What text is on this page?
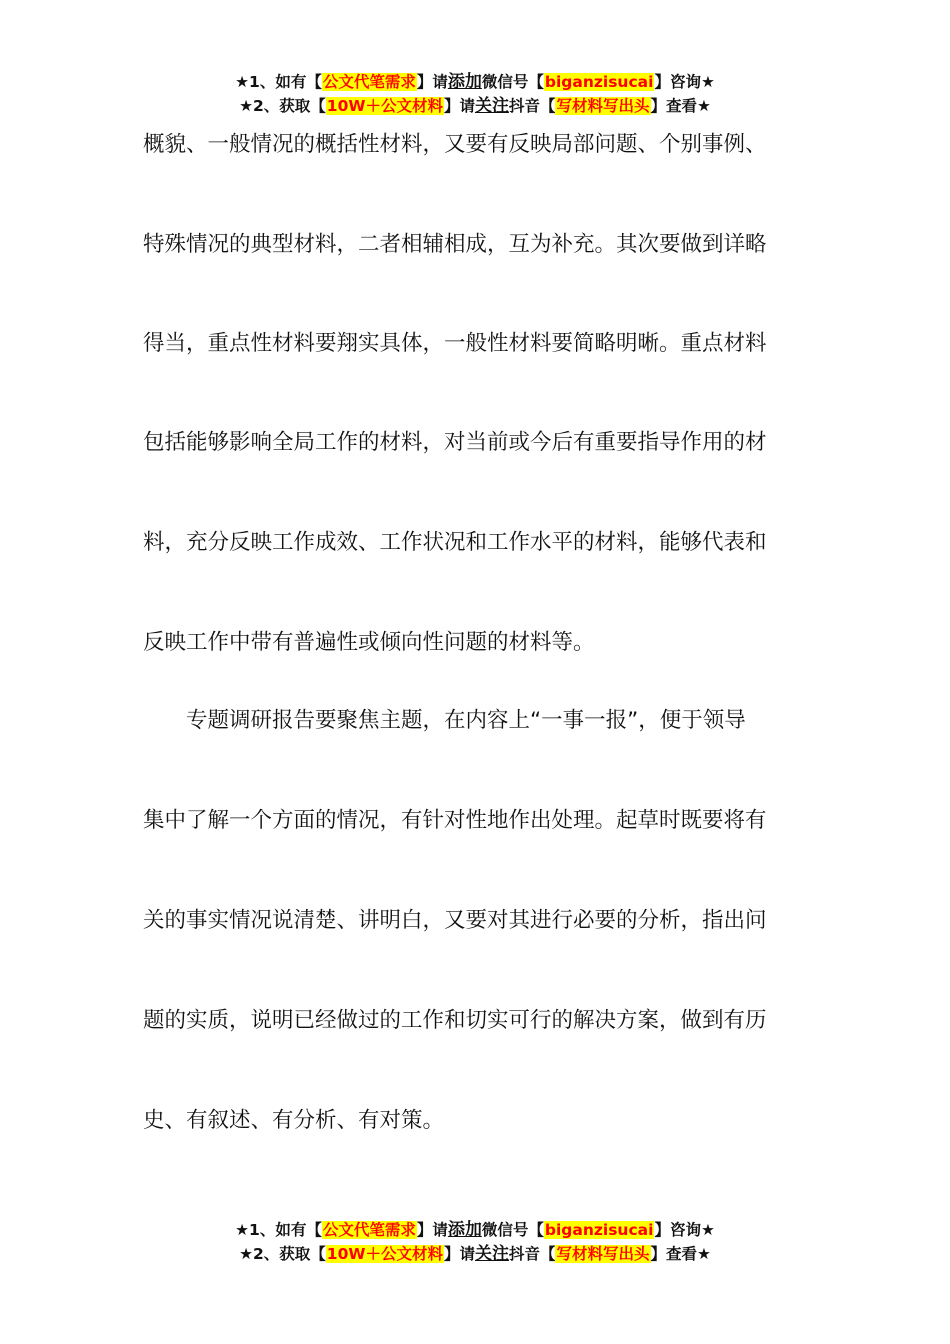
★1、如有【公文代笔需求】请添加微信号【biganzisucai】咨询★
★2、获取【10W＋公文材料】请关注抖音【写材料写出头】查看★
概貌、一般情况的概括性材料，又要有反映局部问题、个别事例、
特殊情况的典型材料，二者相辅相成，互为补充。其次要做到详略
得当，重点性材料要翔实具体，一般性材料要简略明晰。重点材料
包括能够影响全局工作的材料，对当前或今后有重要指导作用的材
料，充分反映工作成效、工作状况和工作水平的材料，能够代表和
反映工作中带有普遍性或倾向性问题的材料等。
　　专题调研报告要聚焦主题，在内容上“一事一报”，便于领导
集中了解一个方面的情况，有针对性地作出处理。起草时既要将有
关的事实情况说清楚、讲明白，又要对其进行必要的分析，指出问
题的实质，说明已经做过的工作和切实可行的解决方案，做到有历
史、有叙述、有分析、有对策。
★1、如有【公文代笔需求】请添加微信号【biganzisucai】咨询★
★2、获取【10W＋公文材料】请关注抖音【写材料写出头】查看★
